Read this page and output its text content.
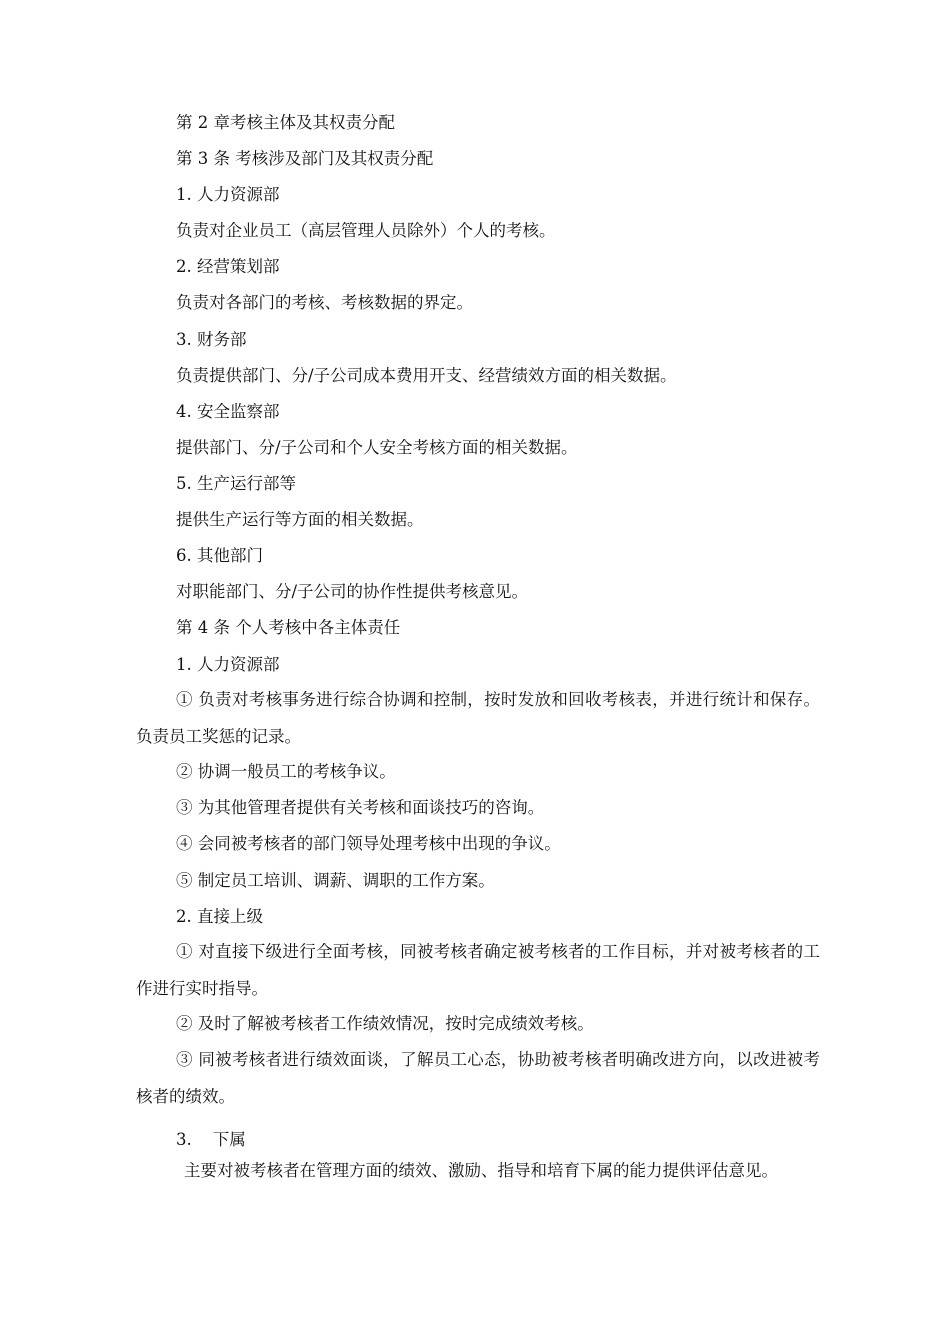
第 2 章考核主体及其权责分配
第 3 条 考核涉及部门及其权责分配
1. 人力资源部
负责对企业员工（高层管理人员除外）个人的考核。
2. 经营策划部
负责对各部门的考核、考核数据的界定。
3. 财务部
负责提供部门、分/子公司成本费用开支、经营绩效方面的相关数据。
4. 安全监察部
提供部门、分/子公司和个人安全考核方面的相关数据。
5. 生产运行部等
提供生产运行等方面的相关数据。
6. 其他部门
对职能部门、分/子公司的协作性提供考核意见。
第 4 条 个人考核中各主体责任
1. 人力资源部
① 负责对考核事务进行综合协调和控制，按时发放和回收考核表，并进行统计和保存。负责员工奖惩的记录。
② 协调一般员工的考核争议。
③ 为其他管理者提供有关考核和面谈技巧的咨询。
④ 会同被考核者的部门领导处理考核中出现的争议。
⑤ 制定员工培训、调薪、调职的工作方案。
2. 直接上级
① 对直接下级进行全面考核，同被考核者确定被考核者的工作目标，并对被考核者的工作进行实时指导。
② 及时了解被考核者工作绩效情况，按时完成绩效考核。
③ 同被考核者进行绩效面谈，了解员工心态，协助被考核者明确改进方向，以改进被考核者的绩效。
3.    下属
主要对被考核者在管理方面的绩效、激励、指导和培育下属的能力提供评估意见。
